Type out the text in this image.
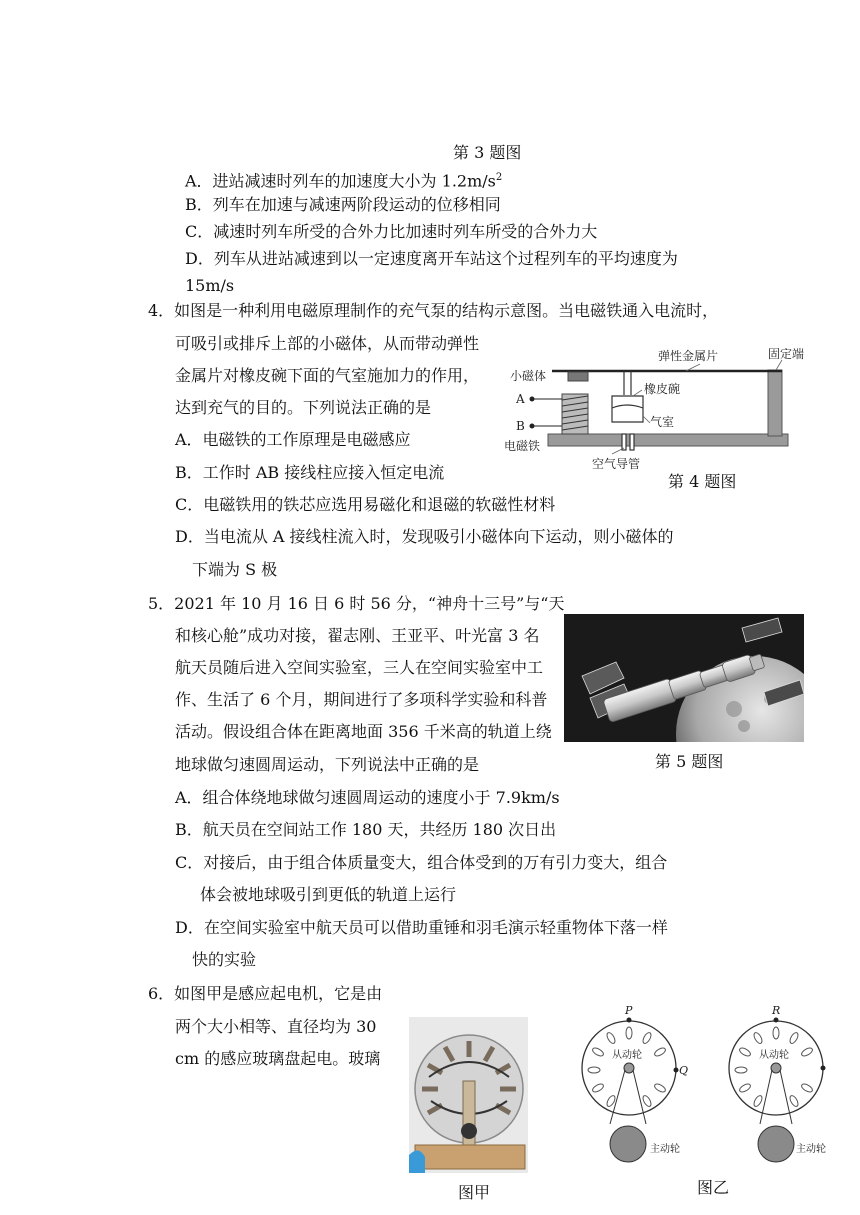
第 3 题图
A．进站减速时列车的加速度大小为 $1.2m/s^2$
B．列车在加速与减速两阶段运动的位移相同
C．减速时列车所受的合外力比加速时列车所受的合外力大
D．列车从进站减速到以一定速度离开车站这个过程列车的平均速度为
15m/s
4．如图是一种利用电磁原理制作的充气泵的结构示意图。当电磁铁通入电流时，
可吸引或排斥上部的小磁体，从而带动弹性
金属片对橡皮碗下面的气室施加力的作用，
达到充气的目的。下列说法正确的是
A．电磁铁的工作原理是电磁感应
B．工作时 AB 接线柱应接入恒定电流
C．电磁铁用的铁芯应选用易磁化和退磁的软磁性材料
D．当电流从 A 接线柱流入时，发现吸引小磁体向下运动，则小磁体的
下端为 S 极
弹性金属片	固定端
小磁体
橡皮碗
A
B	气室
电磁铁
空气导管
第 4 题图
5．2021 年 10 月 16 日 6 时 56 分，“神舟十三号”与“天
和核心舱”成功对接，翟志刚、王亚平、叶光富 3 名
航天员随后进入空间实验室，三人在空间实验室中工
作、生活了 6 个月，期间进行了多项科学实验和科普
活动。假设组合体在距离地面 356 千米高的轨道上绕
地球做匀速圆周运动，下列说法中正确的是	第 5 题图
A．组合体绕地球做匀速圆周运动的速度小于 7.9km/s
B．航天员在空间站工作 180 天，共经历 180 次日出
C．对接后，由于组合体质量变大，组合体受到的万有引力变大，组合
体会被地球吸引到更低的轨道上运行
D．在空间实验室中航天员可以借助重锤和羽毛演示轻重物体下落一样
快的实验
6．如图甲是感应起电机，它是由
两个大小相等、直径均为 30
cm 的感应玻璃盘起电。玻璃
图甲
P
Q
从动轮
主动轮
R
从动轮
主动轮
图乙
